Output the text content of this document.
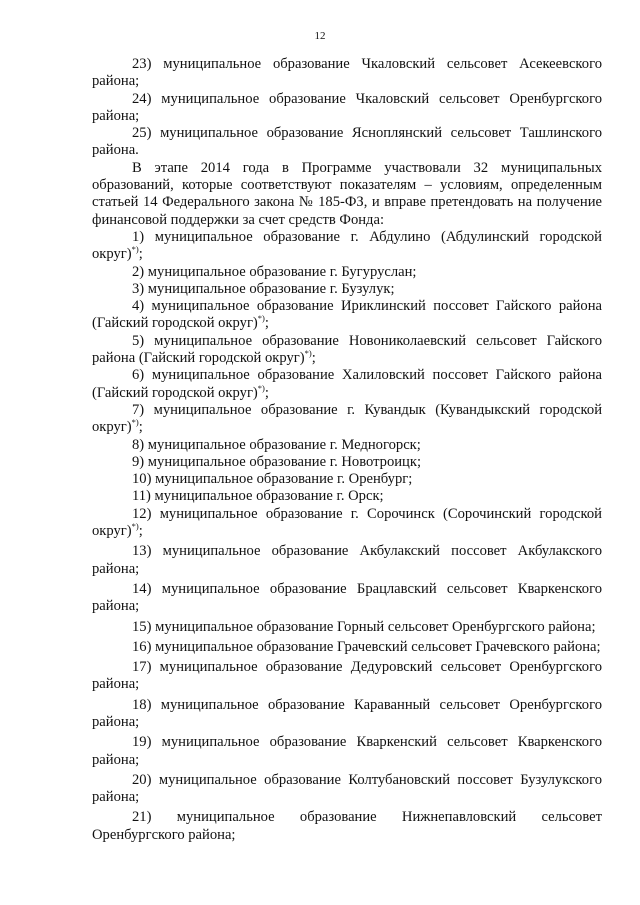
12

23) муниципальное образование Чкаловский сельсовет Асекеевского района;

24) муниципальное образование Чкаловский сельсовет Оренбургского района;

25) муниципальное образование Ясноплянский сельсовет Ташлинского района.

В этапе 2014 года в Программе участвовали 32 муниципальных образований, которые соответствуют показателям – условиям, определенным статьей 14 Федерального закона № 185-ФЗ, и вправе претендовать на получение финансовой поддержки за счет средств Фонда:

1) муниципальное образование г. Абдулино (Абдулинский городской округ)*);

2) муниципальное образование г. Бугуруслан;

3) муниципальное образование г. Бузулук;

4) муниципальное образование Ириклинский поссовет Гайского района (Гайский городской округ)*);

5) муниципальное образование Новониколаевский сельсовет Гайского района (Гайский городской округ)*);

6) муниципальное образование Халиловский поссовет Гайского района (Гайский городской округ)*);

7) муниципальное образование г. Кувандык (Кувандыкский городской округ)*);

8) муниципальное образование г. Медногорск;

9) муниципальное образование г. Новотроицк;

10) муниципальное образование г. Оренбург;

11) муниципальное образование г. Орск;

12) муниципальное образование г. Сорочинск (Сорочинский городской округ)*);

13) муниципальное образование Акбулакский поссовет Акбулакского района;

14) муниципальное образование Брацлавский сельсовет Кваркенского района;

15) муниципальное образование Горный сельсовет Оренбургского района;

16) муниципальное образование Грачевский сельсовет Грачевского района;

17) муниципальное образование Дедуровский сельсовет Оренбургского района;

18) муниципальное образование Караванный сельсовет Оренбургского района;

19) муниципальное образование Кваркенский сельсовет Кваркенского района;

20) муниципальное образование Колтубановский поссовет Бузулукского района;

21) муниципальное образование Нижнепавловский сельсовет Оренбургского района;
